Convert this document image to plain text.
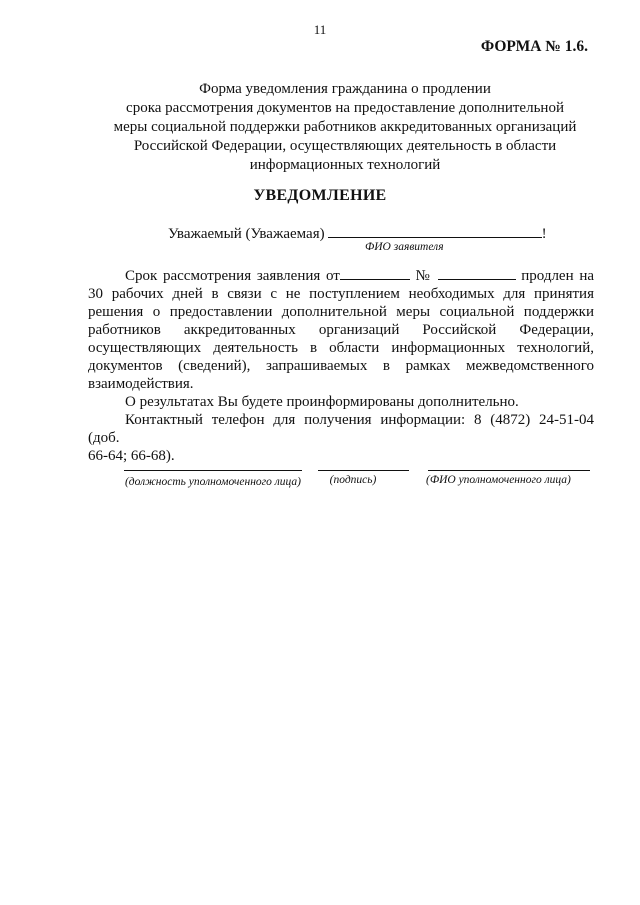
11
ФОРМА № 1.6.
Форма уведомления гражданина о продлении
срока рассмотрения документов на предоставление дополнительной
меры социальной поддержки работников аккредитованных организаций
Российской Федерации, осуществляющих деятельность в области
информационных технологий
УВЕДОМЛЕНИЕ
Уважаемый (Уважаемая)	!
ФИО заявителя
Срок рассмотрения заявления от	№	продлен на
30 рабочих дней в связи с не поступлением необходимых для принятия
решения о предоставлении дополнительной меры социальной поддержки
работников аккредитованных организаций Российской Федерации,
осуществляющих деятельность в области информационных технологий,
документов (сведений), запрашиваемых в рамках межведомственного
взаимодействия.
О результатах Вы будете проинформированы дополнительно.
Контактный телефон для получения информации: 8 (4872) 24-51-04 (доб.
66-64; 66-68).
(должность уполномоченного лица)	(подпись)	(ФИО уполномоченного лица)
